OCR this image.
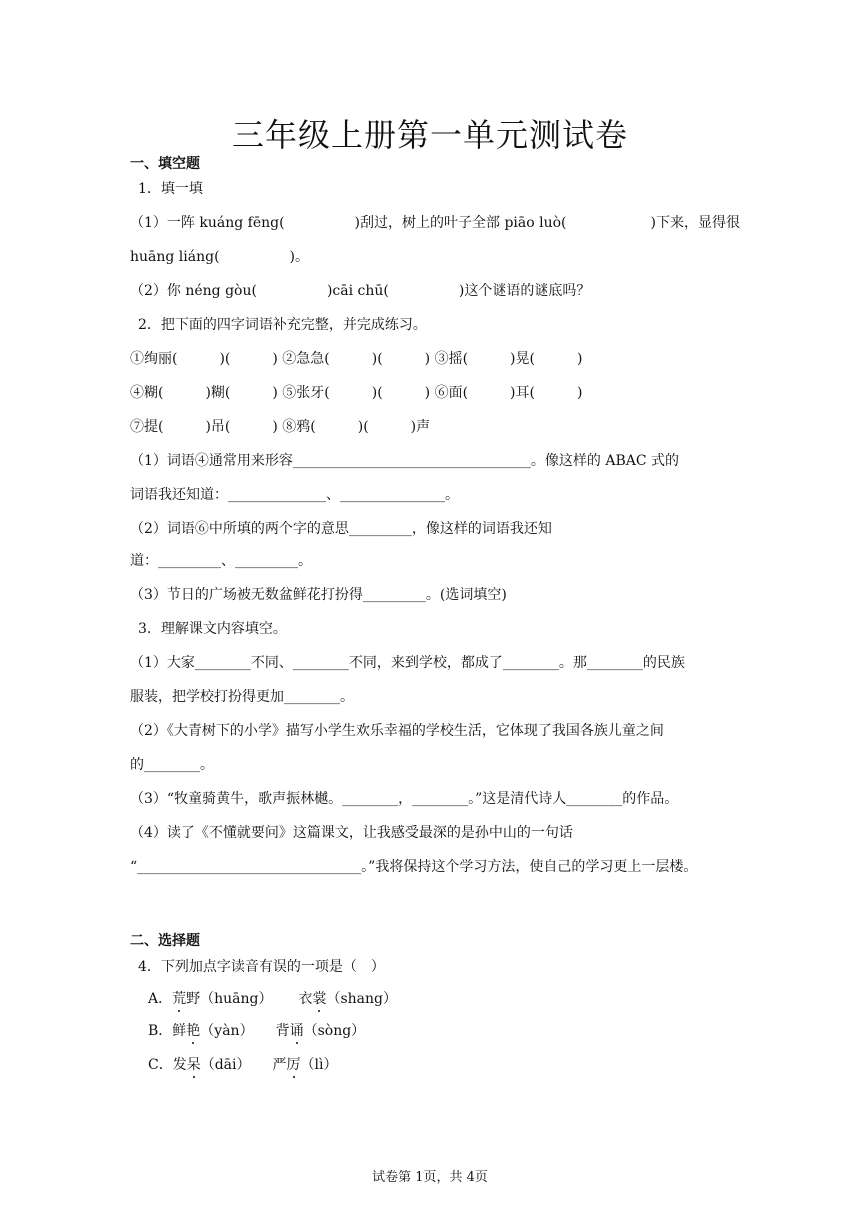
三年级上册第一单元测试卷
一、填空题
1．填一填
（1）一阵 kuáng fēng(　　　　　)刮过，树上的叶子全部 piāo luò(　　　　　　)下来，显得很
huāng liáng(　　　　　)。
（2）你 néng gòu(　　　　　)cāi chū(　　　　　)这个谜语的谜底吗？
2．把下面的四字词语补充完整，并完成练习。
①绚丽(　　　)(　　　) ②急急(　　　)(　　　) ③摇(　　　)晃(　　　)
④糊(　　　)糊(　　　) ⑤张牙(　　　)(　　　) ⑥面(　　　)耳(　　　)
⑦提(　　　)吊(　　　) ⑧鸦(　　　)(　　　)声
（1）词语④通常用来形容__________________________________。像这样的 ABAC 式的
词语我还知道：______________、_______________。
（2）词语⑥中所填的两个字的意思_________，像这样的词语我还知
道：_________、_________。
（3）节日的广场被无数盆鲜花打扮得_________。(选词填空)
3．理解课文内容填空。
（1）大家________不同、________不同，来到学校，都成了________。那________的民族
服装，把学校打扮得更加________。
（2）《大青树下的小学》描写小学生欢乐幸福的学校生活，它体现了我国各族儿童之间
的________。
（3）“牧童骑黄牛，歌声振林樾。________，________。”这是清代诗人________的作品。
（4）读了《不懂就要问》这篇课文，让我感受最深的是孙中山的一句话
“________________________________。”我将保持这个学习方法，使自己的学习更上一层楼。
二、选择题
4．下列加点字读音有误的一项是（　）
A．荒野（huāng） 衣裳（shang）
B．鲜艳（yàn） 背诵（sòng）
C．发呆（dāi） 严厉（lì）
试卷第 1页，共 4页
